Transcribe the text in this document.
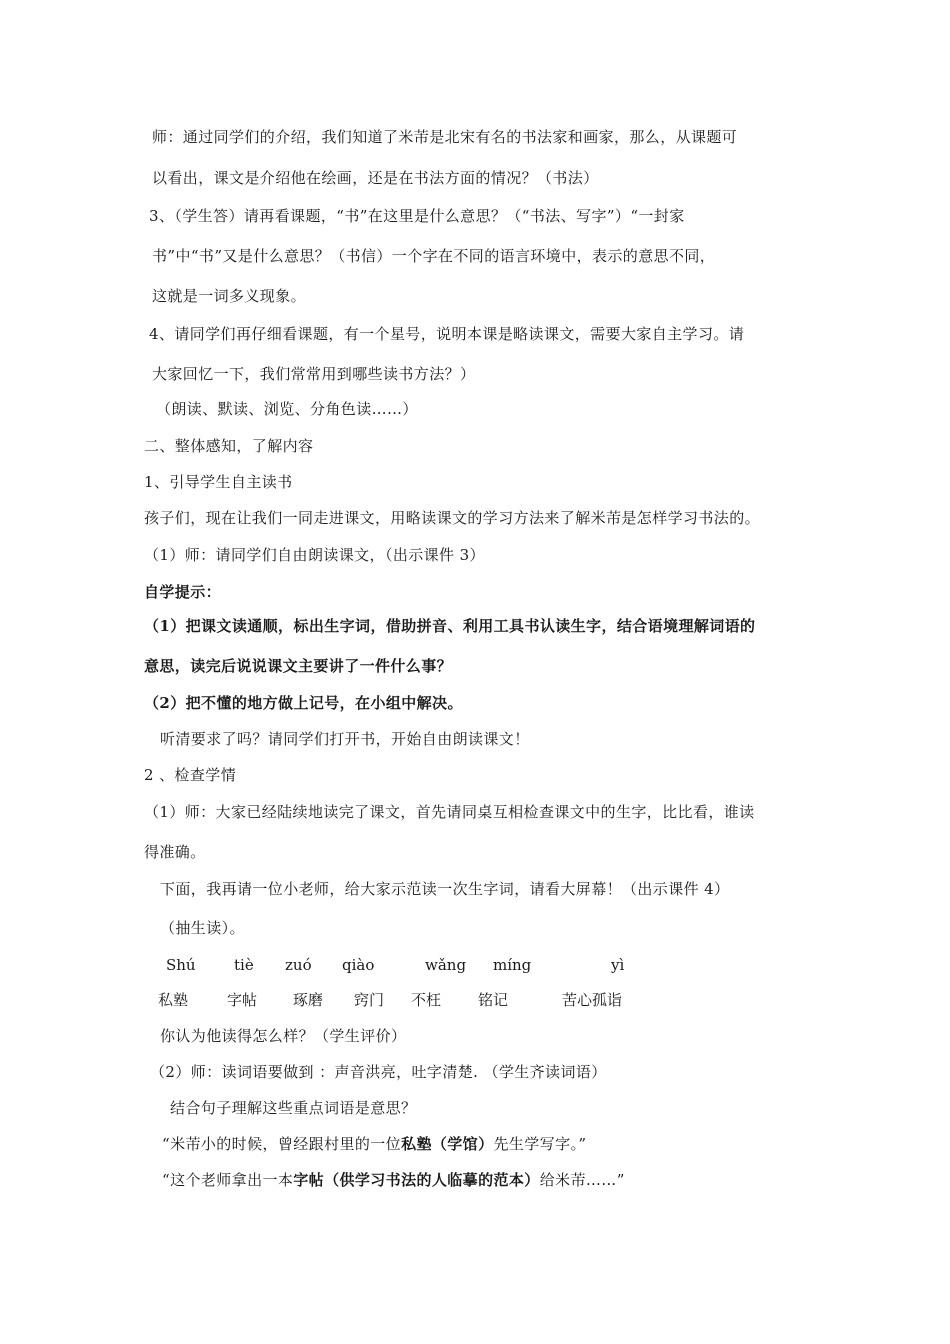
师：通过同学们的介绍，我们知道了米芾是北宋有名的书法家和画家，那么，从课题可
以看出，课文是介绍他在绘画，还是在书法方面的情况？（书法）
3、（学生答）请再看课题，“书”在这里是什么意思？（“书法、写字”）“一封家
书”中“书”又是什么意思？（书信）一个字在不同的语言环境中，表示的意思不同，
这就是一词多义现象。
4、请同学们再仔细看课题，有一个星号，说明本课是略读课文，需要大家自主学习。请
大家回忆一下，我们常常用到哪些读书方法？）
（朗读、默读、浏览、分角色读……）
二、整体感知，了解内容
1、引导学生自主读书
孩子们，现在让我们一同走进课文，用略读课文的学习方法来了解米芾是怎样学习书法的。
（1）师：请同学们自由朗读课文，（出示课件 3）
自学提示：
（1）把课文读通顺，标出生字词，借助拼音、利用工具书认读生字，结合语境理解词语的
意思，读完后说说课文主要讲了一件什么事？
（2）把不懂的地方做上记号，在小组中解决。
听清要求了吗？请同学们打开书，开始自由朗读课文！
2 、检查学情
（1）师：大家已经陆续地读完了课文，首先请同桌互相检查课文中的生字，比比看，谁读
得准确。
下面，我再请一位小老师，给大家示范读一次生字词，请看大屏幕！（出示课件 4）
（抽生读）。
Shú	tiè zuó qiào	wǎng míng	yì
私塾	字帖 琢磨 窍门 不枉 铭记	苦心孤诣
你认为他读得怎么样？（学生评价）
（2）师：读词语要做到 ：声音洪亮，吐字清楚. （学生齐读词语）
结合句子理解这些重点词语是意思？
“米芾小的时候，曾经跟村里的一位私塾（学馆）先生学写字。”
“这个老师拿出一本字帖（供学习书法的人临摹的范本）给米芾……”
